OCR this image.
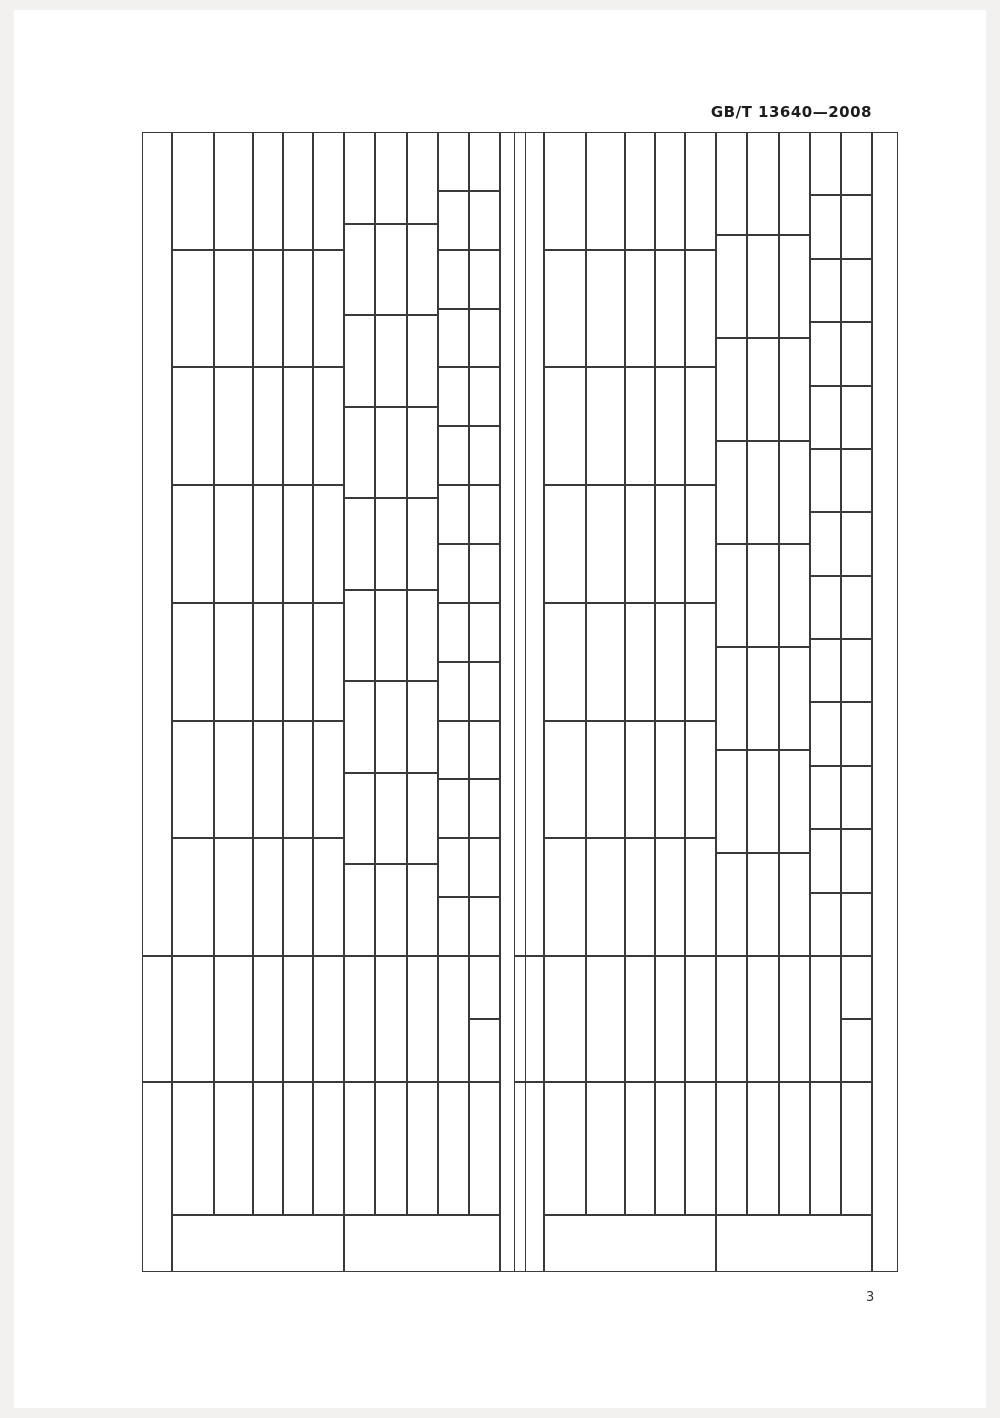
GB/T 13640—2008
3
